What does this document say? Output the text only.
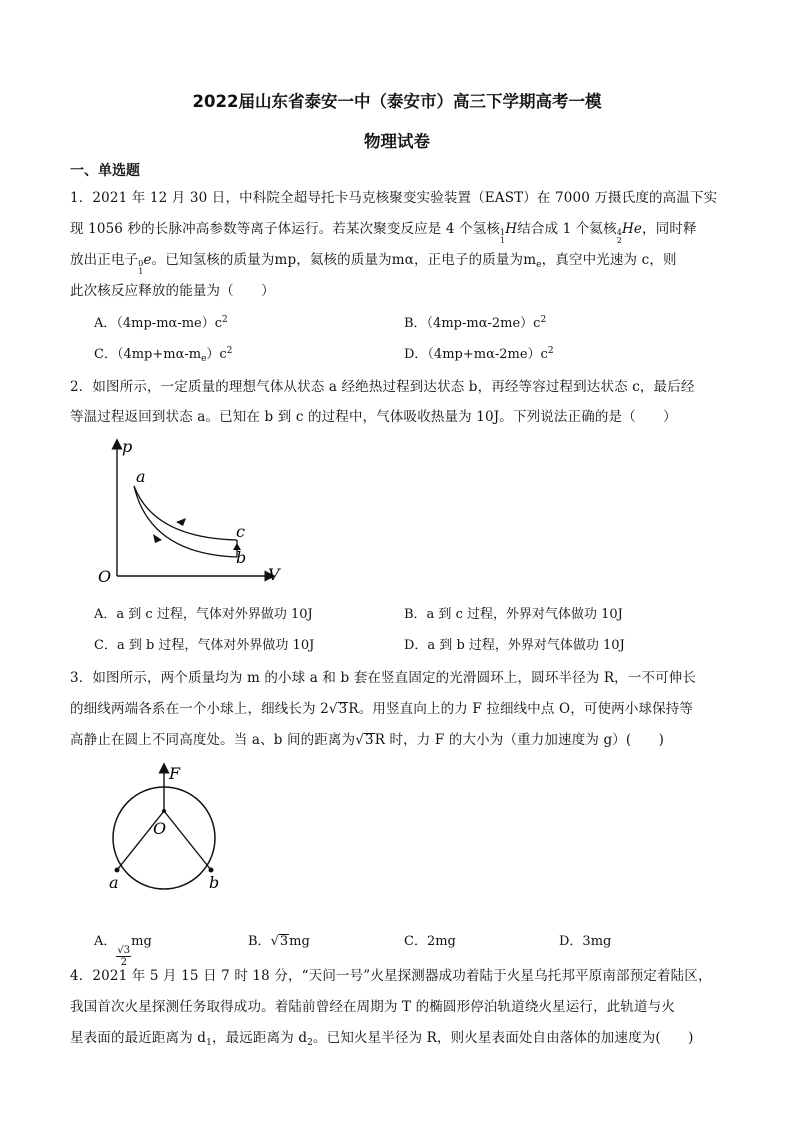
2022届山东省泰安一中（泰安市）高三下学期高考一模
物理试卷
一、单选题
1．2021 年 12 月 30 日，中科院全超导托卡马克核聚变实验装置（EAST）在 7000 万摄氏度的高温下实
现 1056 秒的长脉冲高参数等离子体运行。若某次聚变反应是 4 个氢核 1
1
H结合成 1 个氦核 4
2
He，同时释
放出正电子 0
1
e。已知氢核的质量为mp，氦核的质量为mα，正电子的质量为$m_e$，真空中光速为 c，则
此次核反应释放的能量为（　　）
A．$(4mp-m\alpha-me)c^2$	B．$(4mp-m\alpha-2me)c^2$
C．$(4mp+m\alpha-m_e)c^2$	D．$(4mp+m\alpha-2me)c^2$
2．如图所示，一定质量的理想气体从状态 a 经绝热过程到达状态 b，再经等容过程到达状态 c，最后经
等温过程返回到状态 a。已知在 b 到 c 的过程中，气体吸收热量为 10J。下列说法正确的是（　　）
p
V
O
a
c
b
A．a 到 c 过程，气体对外界做功 10J	B．a 到 c 过程，外界对气体做功 10J
C．a 到 b 过程，气体对外界做功 10J	D．a 到 b 过程，外界对气体做功 10J
3．如图所示，两个质量均为 m 的小球 a 和 b 套在竖直固定的光滑圆环上，圆环半径为 R，一不可伸长
的细线两端各系在一个小球上，细线长为 2√3R。用竖直向上的力 F 拉细线中点 O，可使两小球保持等
高静止在圆上不同高度处。当 a、b 间的距离为√3R 时，力 F 的大小为（重力加速度为 g）(　　)
F
O
a	b
A．
$\frac{√3}{2}$
mg	B．√3mg	C．2mg	D．3mg
4．2021 年 5 月 15 日 7 时 18 分，“天问一号”火星探测器成功着陆于火星乌托邦平原南部预定着陆区，
我国首次火星探测任务取得成功。着陆前曾经在周期为 T 的椭圆形停泊轨道绕火星运行，此轨道与火
星表面的最近距离为 $d_1$，最远距离为 $d_2$。已知火星半径为 R，则火星表面处自由落体的加速度为(　　)
